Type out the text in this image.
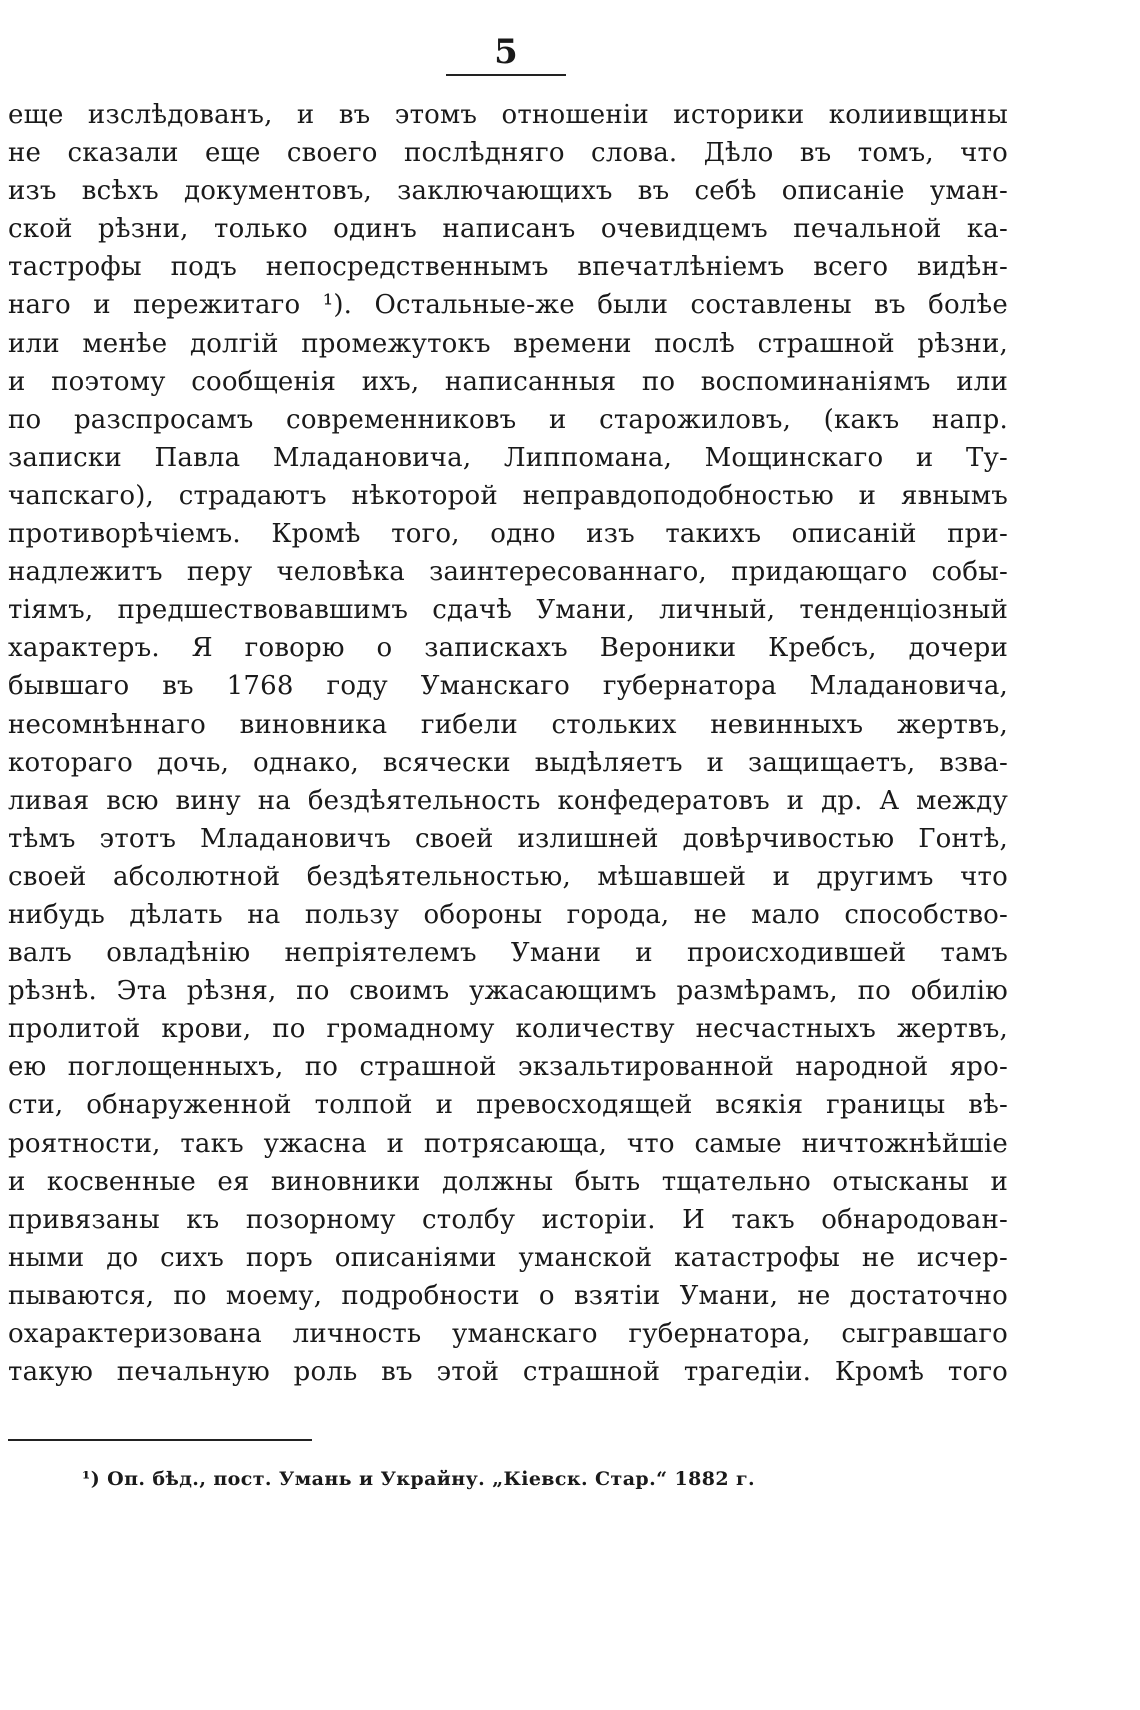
5
еще изслѣдованъ, и въ этомъ отношеніи историки колиивщины
не сказали еще своего послѣдняго слова. Дѣло въ томъ, что
изъ всѣхъ документовъ, заключающихъ въ себѣ описаніе уман-
ской рѣзни, только одинъ написанъ очевидцемъ печальной ка-
тастрофы подъ непосредственнымъ впечатлѣніемъ всего видѣн-
наго и пережитаго ¹). Остальные-же были составлены въ болѣе
или менѣе долгій промежутокъ времени послѣ страшной рѣзни,
и поэтому сообщенія ихъ, написанныя по воспоминаніямъ или
по разспросамъ современниковъ и старожиловъ, (какъ напр.
записки Павла Младановича, Липпомана, Мощинскаго и Ту-
чапскаго), страдаютъ нѣкоторой неправдоподобностью и явнымъ
противорѣчіемъ. Кромѣ того, одно изъ такихъ описаній при-
надлежитъ перу человѣка заинтересованнаго, придающаго собы-
тіямъ, предшествовавшимъ сдачѣ Умани, личный, тенденціозный
характеръ. Я говорю о запискахъ Вероники Кребсъ, дочери
бывшаго въ 1768 году Уманскаго губернатора Младановича,
несомнѣннаго виновника гибели стольких невинныхъ жертвъ,
котораго дочь, однако, всячески выдѣляетъ и защищаетъ, взва-
ливая всю вину на бездѣятельность конфедератовъ и др. А между
тѣмъ этотъ Младановичъ своей излишней довѣрчивостью Гонтѣ,
своей абсолютной бездѣятельностью, мѣшавшей и другимъ что
нибудь дѣлать на пользу обороны города, не мало способство-
валъ овладѣнію непріятелемъ Умани и происходившей тамъ
рѣзнѣ. Эта рѣзня, по своимъ ужасающимъ размѣрамъ, по обилію
пролитой крови, по громадному количеству несчастныхъ жертвъ,
ею поглощенныхъ, по страшной экзальтированной народной яро-
сти, обнаруженной толпой и превосходящей всякія границы вѣ-
роятности, такъ ужасна и потрясающа, что самые ничтожнѣйшіе
и косвенные ея виновники должны быть тщательно отысканы и
привязаны къ позорному столбу исторіи. И такъ обнародован-
ными до сихъ поръ описаніями уманской катастрофы не исчер-
пываются, по моему, подробности о взятіи Умани, не достаточно
охарактеризована личность уманскаго губернатора, сыгравшаго
такую печальную роль въ этой страшной трагедіи. Кромѣ того
¹) Оп. бѣд., пост. Умань и Украйну. „Кіевск. Стар.“ 1882 г.
